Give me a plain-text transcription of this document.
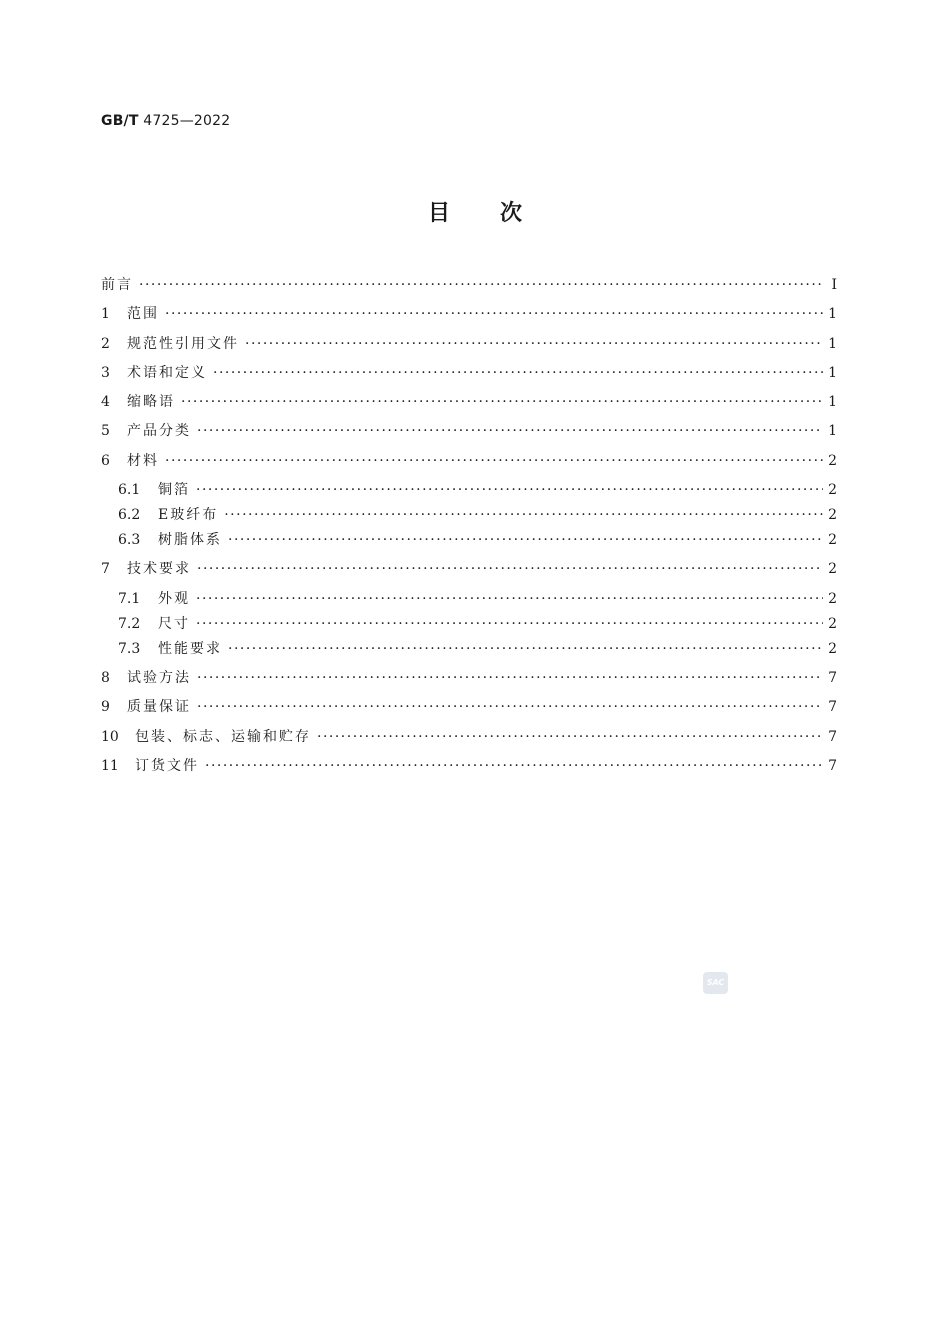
GB/T 4725—2022
目次
前言 ·····	Ⅰ
1	范围 ·····	1
2	规范性引用文件 ·····	1
3	术语和定义 ·····	1
4	缩略语 ·····	1
5	产品分类 ·····	1
6	材料 ·····	2
6.1	铜箔 ·····	2
6.2	E玻纤布 ·····	2
6.3	树脂体系 ·····	2
7	技术要求 ·····	2
7.1	外观 ·····	2
7.2	尺寸 ·····	2
7.3	性能要求 ·····	2
8	试验方法 ·····	7
9	质量保证 ·····	7
10	包装、标志、运输和贮存 ·····	7
11	订货文件 ·····	7
SAC
